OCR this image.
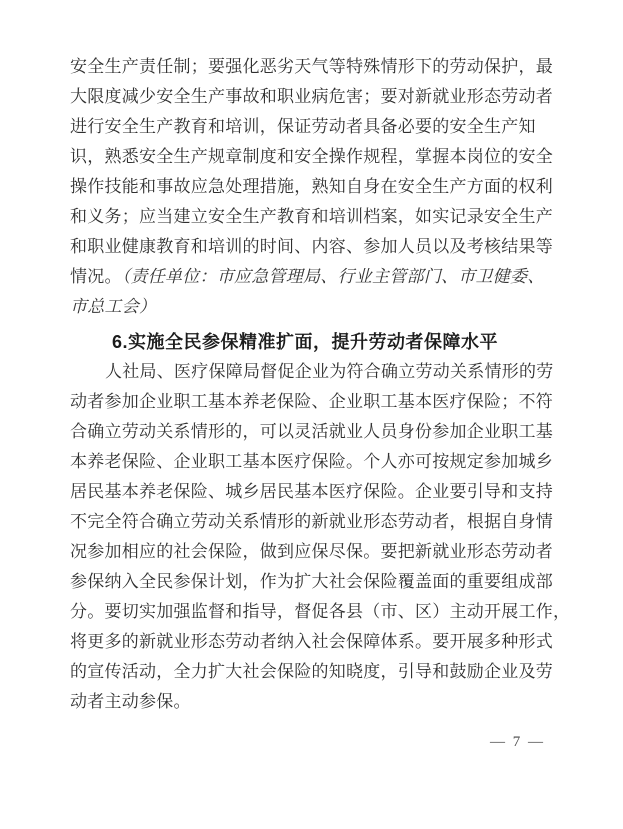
安全生产责任制；要强化恶劣天气等特殊情形下的劳动保护，最
大限度减少安全生产事故和职业病危害；要对新就业形态劳动者
进行安全生产教育和培训，保证劳动者具备必要的安全生产知
识，熟悉安全生产规章制度和安全操作规程，掌握本岗位的安全
操作技能和事故应急处理措施，熟知自身在安全生产方面的权利
和义务；应当建立安全生产教育和培训档案，如实记录安全生产
和职业健康教育和培训的时间、内容、参加人员以及考核结果等
情况。（责任单位：市应急管理局、行业主管部门、市卫健委、
市总工会）
6.实施全民参保精准扩面，提升劳动者保障水平
人社局、医疗保障局督促企业为符合确立劳动关系情形的劳
动者参加企业职工基本养老保险、企业职工基本医疗保险；不符
合确立劳动关系情形的，可以灵活就业人员身份参加企业职工基
本养老保险、企业职工基本医疗保险。个人亦可按规定参加城乡
居民基本养老保险、城乡居民基本医疗保险。企业要引导和支持
不完全符合确立劳动关系情形的新就业形态劳动者，根据自身情
况参加相应的社会保险，做到应保尽保。要把新就业形态劳动者
参保纳入全民参保计划，作为扩大社会保险覆盖面的重要组成部
分。要切实加强监督和指导，督促各县（市、区）主动开展工作，
将更多的新就业形态劳动者纳入社会保障体系。要开展多种形式
的宣传活动，全力扩大社会保险的知晓度，引导和鼓励企业及劳
动者主动参保。
— 7 —
